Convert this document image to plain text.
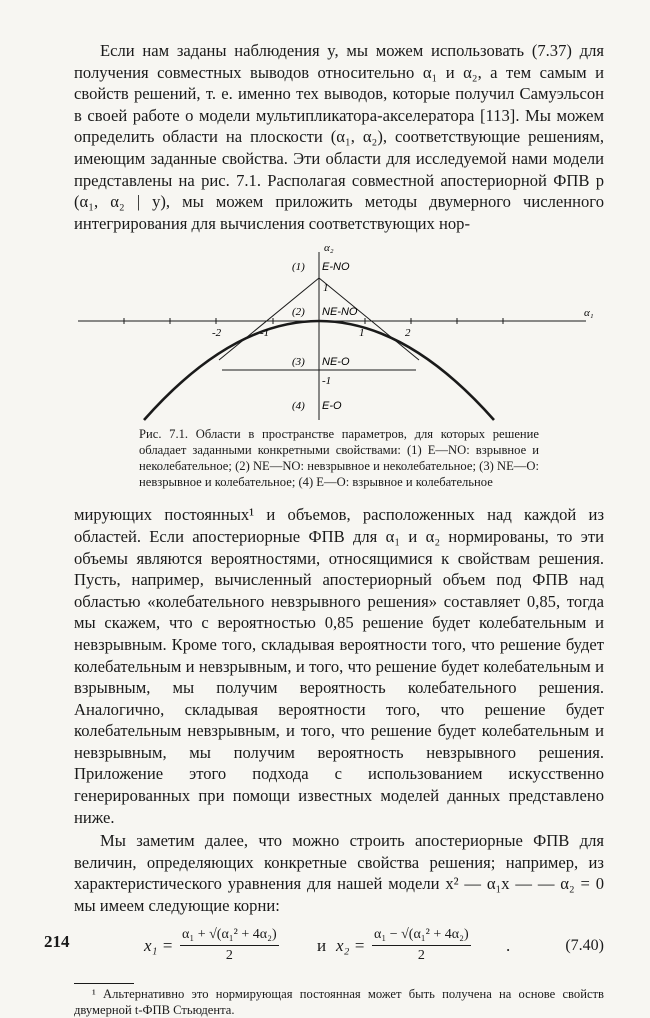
Если нам заданы наблюдения y, мы можем использовать (7.37) для получения совместных выводов относительно α₁ и α₂, а тем самым и свойств решений, т. е. именно тех выводов, которые получил Самуэльсон в своей работе о модели мультипликатора-акселератора [113]. Мы можем определить области на плоскости (α₁, α₂), соответствующие решениям, имеющим заданные свойства. Эти области для исследуемой нами модели представлены на рис. 7.1. Располагая совместной апостериорной ФПВ p (α₁, α₂ | y), мы можем приложить методы двумерного численного интегрирования для вычисления соответствующих нор-

α₂
α₁
-2	-1	1	2
1
-1
(1) E-NO
(2) NE-NO
(3) NE-O
(4) E-O

Рис. 7.1. Области в пространстве параметров, для которых решение обладает заданными конкретными свойствами: (1) E—NO: взрывное и неколебательное; (2) NE—NO: невзрывное и неколебательное; (3) NE—O: невзрывное и колебательное; (4) E—O: взрывное и колебательное

мирующих постоянных¹ и объемов, расположенных над каждой из областей. Если апостериорные ФПВ для α₁ и α₂ нормированы, то эти объемы являются вероятностями, относящимися к свойствам решения. Пусть, например, вычисленный апостериорный объем под ФПВ над областью «колебательного невзрывного решения» составляет 0,85, тогда мы скажем, что с вероятностью 0,85 решение будет колебательным и невзрывным. Кроме того, складывая вероятности того, что решение будет колебательным и невзрывным, и того, что решение будет колебательным и взрывным, мы получим вероятность колебательного решения. Аналогично, складывая вероятности того, что решение будет колебательным невзрывным, и того, что решение будет колебательным и невзрывным, мы получим вероятность невзрывного решения. Приложение этого подхода с использованием искусственно генерированных при помощи известных моделей данных представлено ниже.

Мы заметим далее, что можно строить апостериорные ФПВ для величин, определяющих конкретные свойства решения; например, из характеристического уравнения для нашей модели x² — α₁x — — α₂ = 0 мы имеем следующие корни:

$x_1 = \frac{\text{α₁ + √(α₁² + 4α₂)}}{2}$ и $x_2 = \frac{\text{α₁ − √(α₁² + 4α₂)}}{2}$ .	(7.40)

¹ Альтернативно это нормирующая постоянная может быть получена на основе свойств двумерной t-ФПВ Стьюдента.

214
